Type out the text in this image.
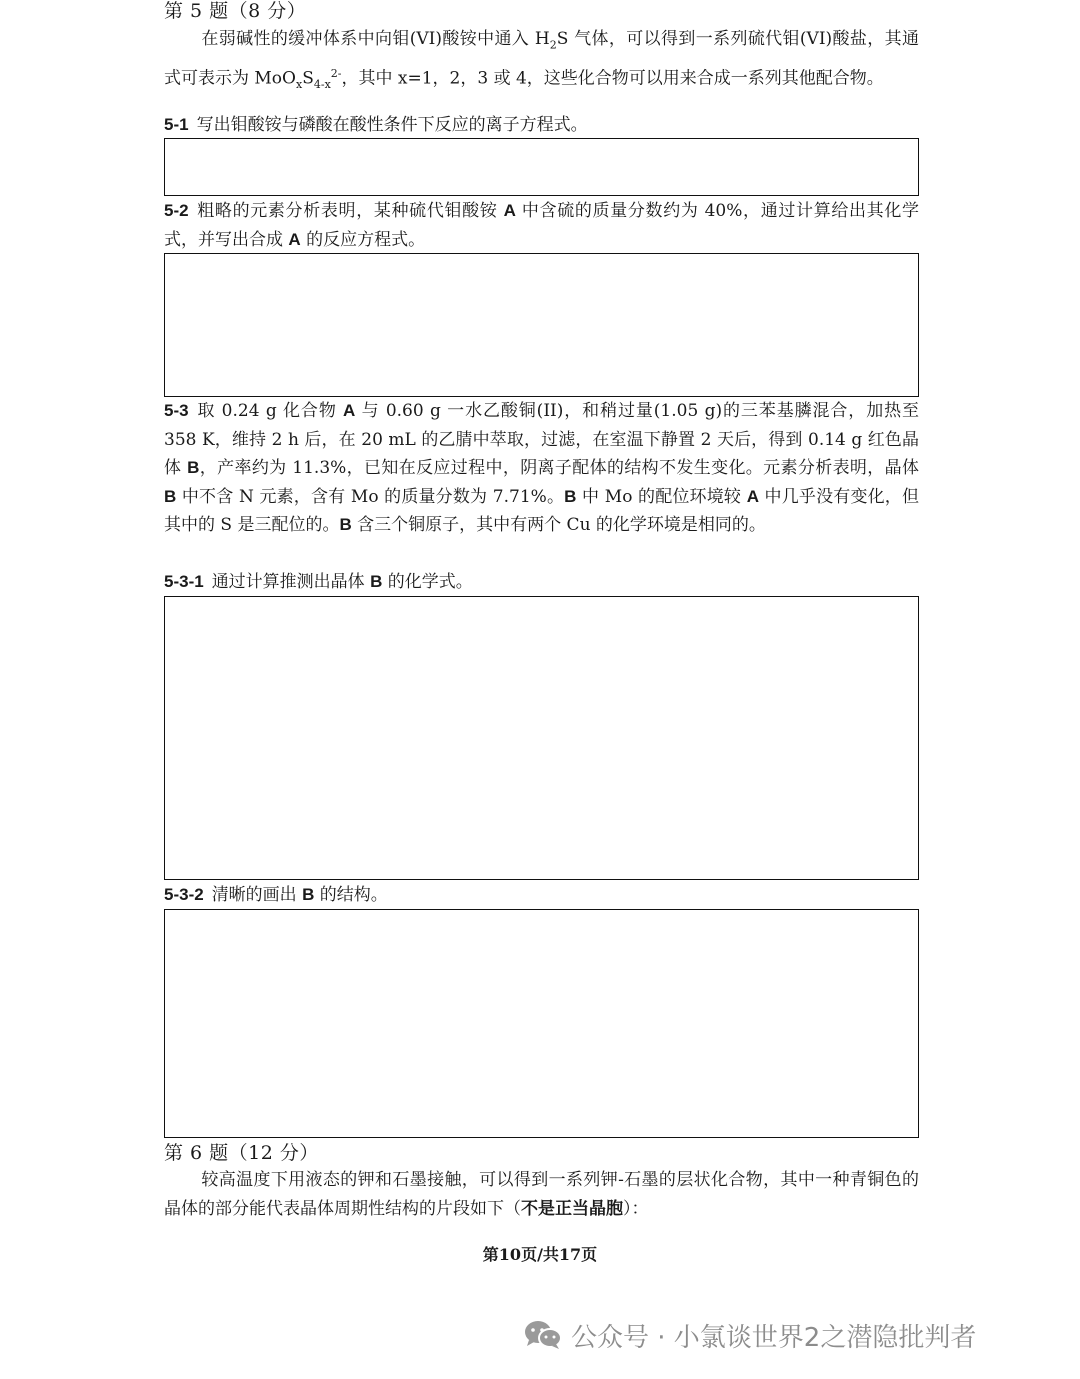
第 5 题（8 分）

在弱碱性的缓冲体系中向钼(VI)酸铵中通入 $H_2S$ 气体，可以得到一系列硫代钼(VI)酸盐，其通式可表示为 $MoO_xS_{4-x}^{2-}$，其中 x=1，2，3 或 4，这些化合物可以用来合成一系列其他配合物。

5-1 写出钼酸铵与磷酸在酸性条件下反应的离子方程式。

5-2 粗略的元素分析表明，某种硫代钼酸铵 A 中含硫的质量分数约为 40%，通过计算给出其化学式，并写出合成 A 的反应方程式。

5-3 取 0.24 g 化合物 A 与 0.60 g 一水乙酸铜(II)，和稍过量(1.05 g)的三苯基膦混合，加热至 358 K，维持 2 h 后，在 20 mL 的乙腈中萃取，过滤，在室温下静置 2 天后，得到 0.14 g 红色晶体 B，产率约为 11.3%，已知在反应过程中，阴离子配体的结构不发生变化。元素分析表明，晶体 B 中不含 N 元素，含有 Mo 的质量分数为 7.71%。B 中 Mo 的配位环境较 A 中几乎没有变化，但其中的 S 是三配位的。B 含三个铜原子，其中有两个 Cu 的化学环境是相同的。

5-3-1 通过计算推测出晶体 B 的化学式。

5-3-2 清晰的画出 B 的结构。

第 6 题（12 分）

较高温度下用液态的钾和石墨接触，可以得到一系列钾-石墨的层状化合物，其中一种青铜色的晶体的部分能代表晶体周期性结构的片段如下（不是正当晶胞）：

第10页/共17页
公众号 · 小氯谈世界2之潜隐批判者
